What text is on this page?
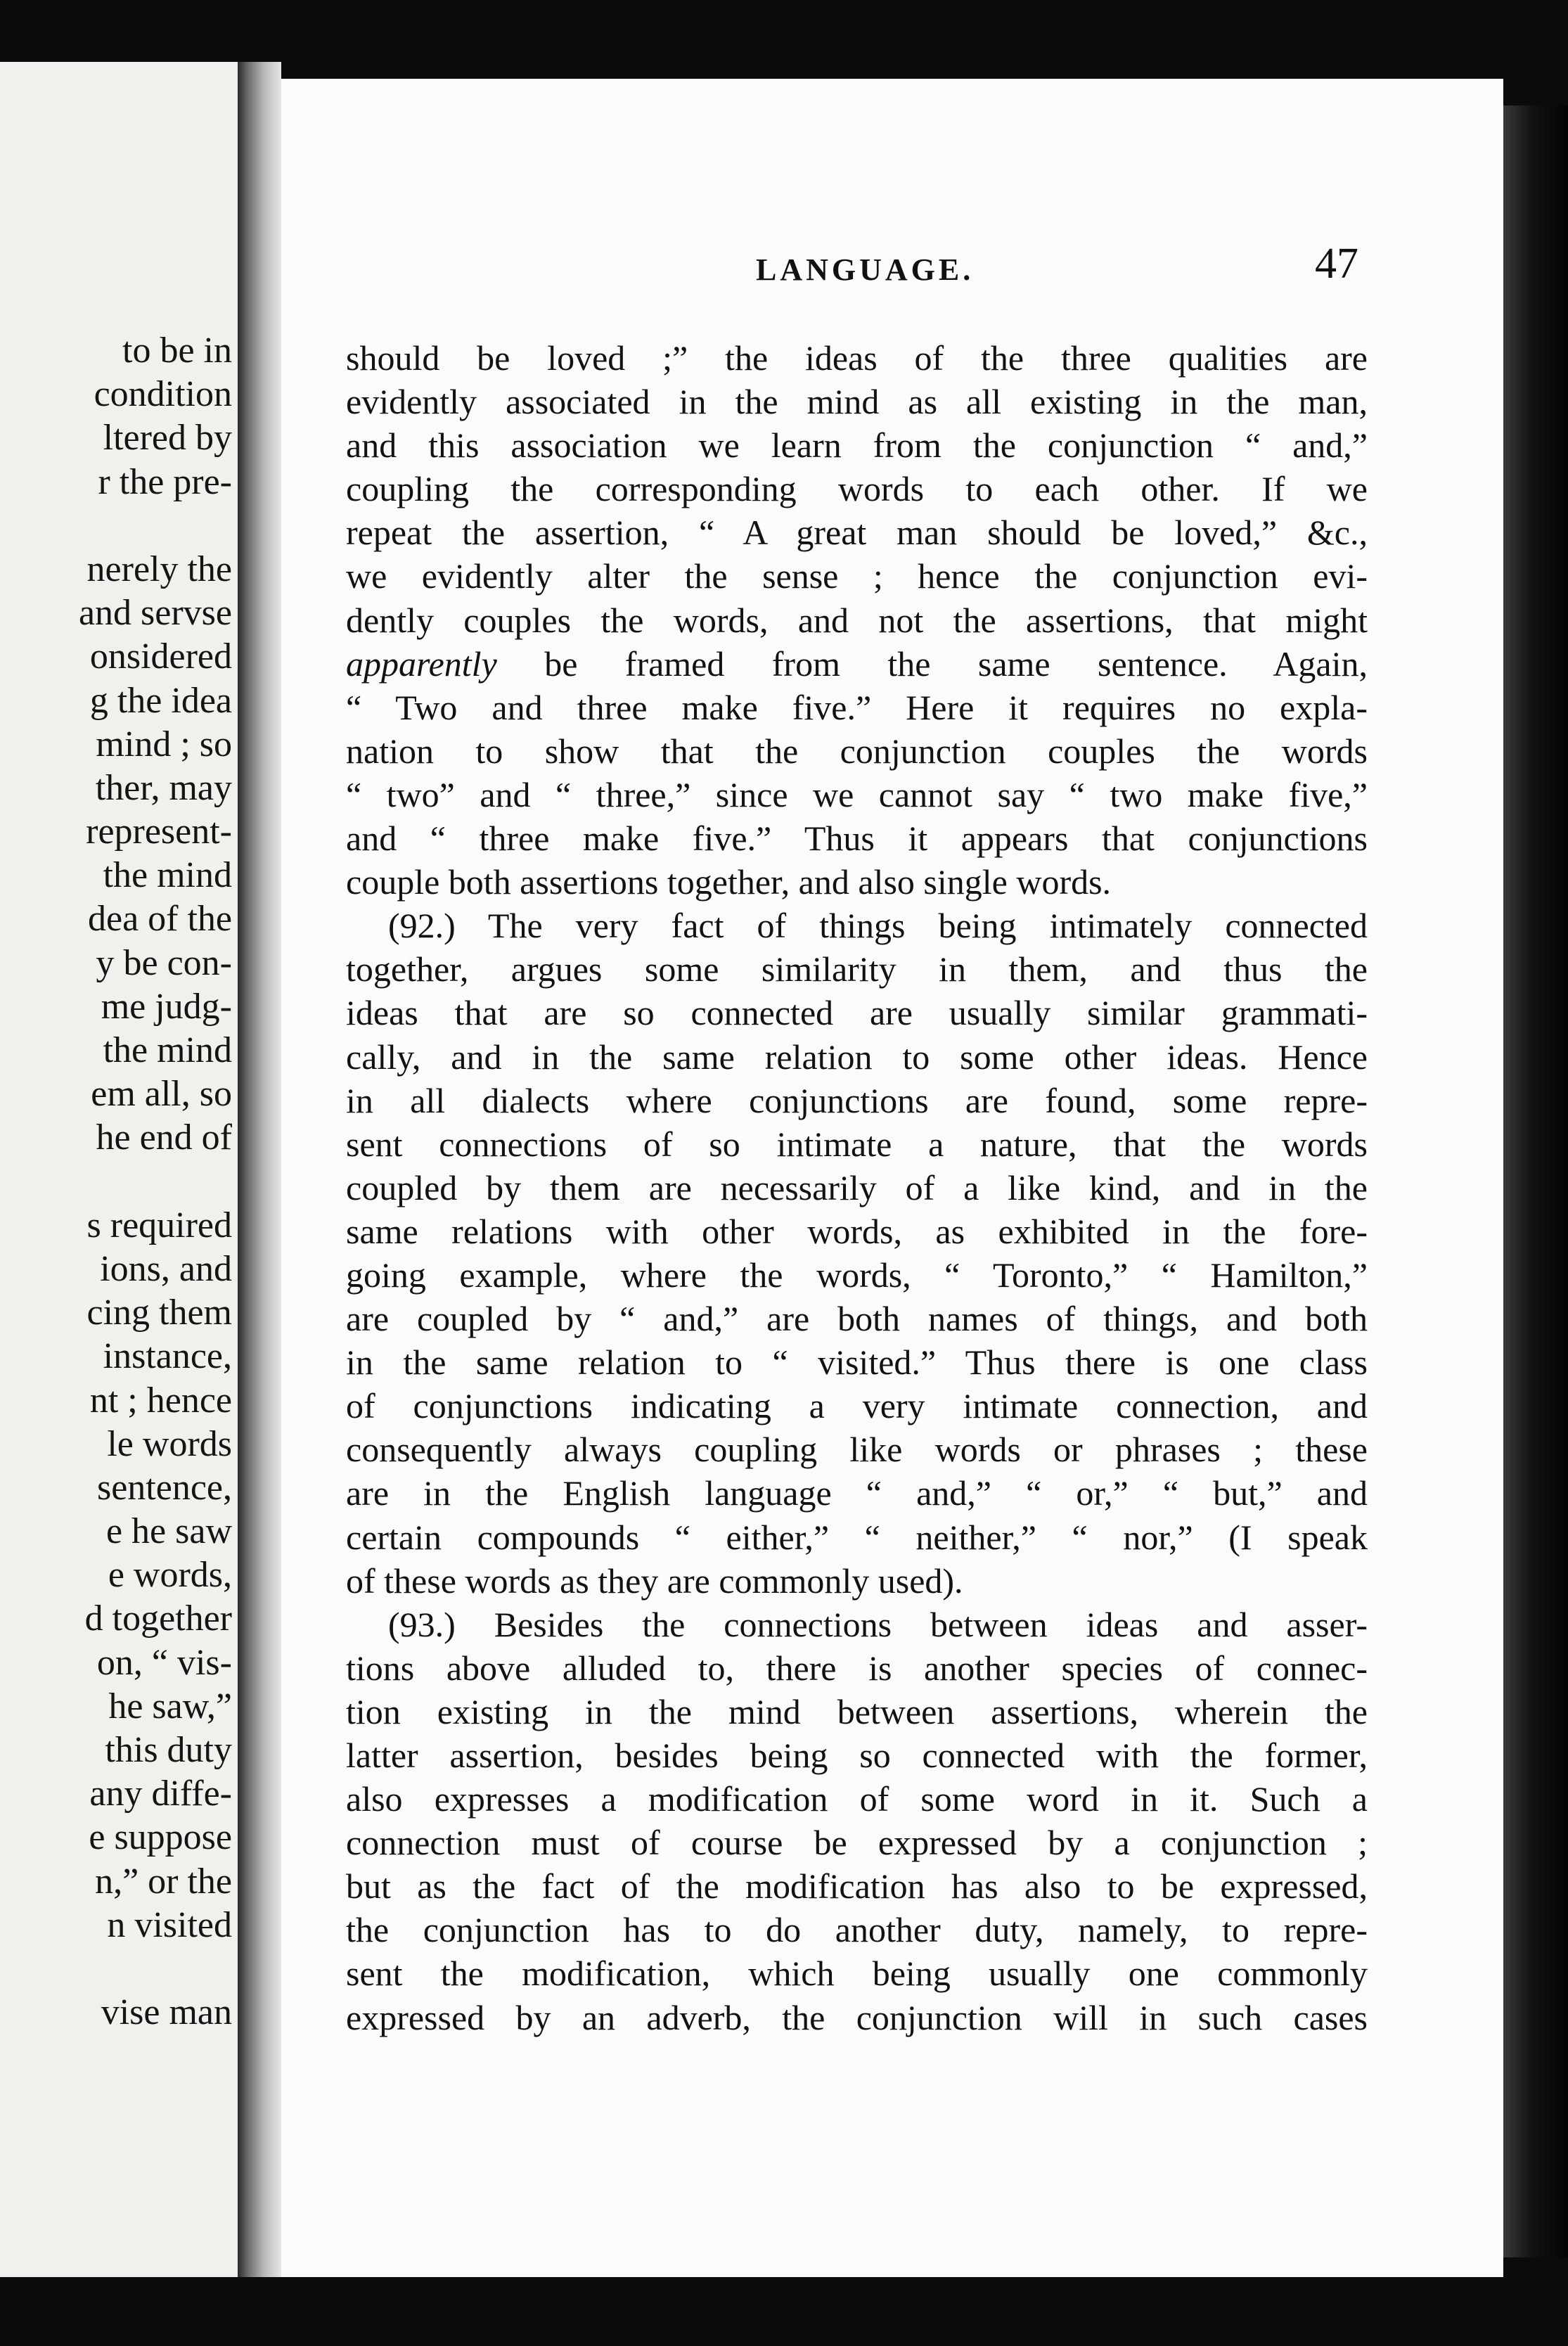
to be in
condition
ltered by
r the pre-
nerely the
and servse
onsidered
g the idea
mind ; so
ther, may
represent-
the mind
dea of the
y be con-
me judg-
the mind
em all, so
he end of
s required
ions, and
cing them
instance,
nt ; hence
le words
sentence,
e he saw
e words,
d together
on, “ vis-
he saw,”
this duty
any diffe-
e suppose
n,” or the
n visited
vise man
LANGUAGE.	47
should be loved ;” the ideas of the three qualities are
evidently associated in the mind as all existing in the man,
and this association we learn from the conjunction “ and,”
coupling the corresponding words to each other. If we
repeat the assertion, “ A great man should be loved,” &c.,
we evidently alter the sense ; hence the conjunction evi-
dently couples the words, and not the assertions, that might
apparently be framed from the same sentence. Again,
“ Two and three make five.” Here it requires no expla-
nation to show that the conjunction couples the words
“ two” and “ three,” since we cannot say “ two make five,”
and “ three make five.” Thus it appears that conjunctions
couple both assertions together, and also single words.
(92.) The very fact of things being intimately connected
together, argues some similarity in them, and thus the
ideas that are so connected are usually similar grammati-
cally, and in the same relation to some other ideas. Hence
in all dialects where conjunctions are found, some repre-
sent connections of so intimate a nature, that the words
coupled by them are necessarily of a like kind, and in the
same relations with other words, as exhibited in the fore-
going example, where the words, “ Toronto,” “ Hamilton,”
are coupled by “ and,” are both names of things, and both
in the same relation to “ visited.” Thus there is one class
of conjunctions indicating a very intimate connection, and
consequently always coupling like words or phrases ; these
are in the English language “ and,” “ or,” “ but,” and
certain compounds “ either,” “ neither,” “ nor,” (I speak
of these words as they are commonly used).
(93.) Besides the connections between ideas and asser-
tions above alluded to, there is another species of connec-
tion existing in the mind between assertions, wherein the
latter assertion, besides being so connected with the former,
also expresses a modification of some word in it. Such a
connection must of course be expressed by a conjunction ;
but as the fact of the modification has also to be expressed,
the conjunction has to do another duty, namely, to repre-
sent the modification, which being usually one commonly
expressed by an adverb, the conjunction will in such cases
